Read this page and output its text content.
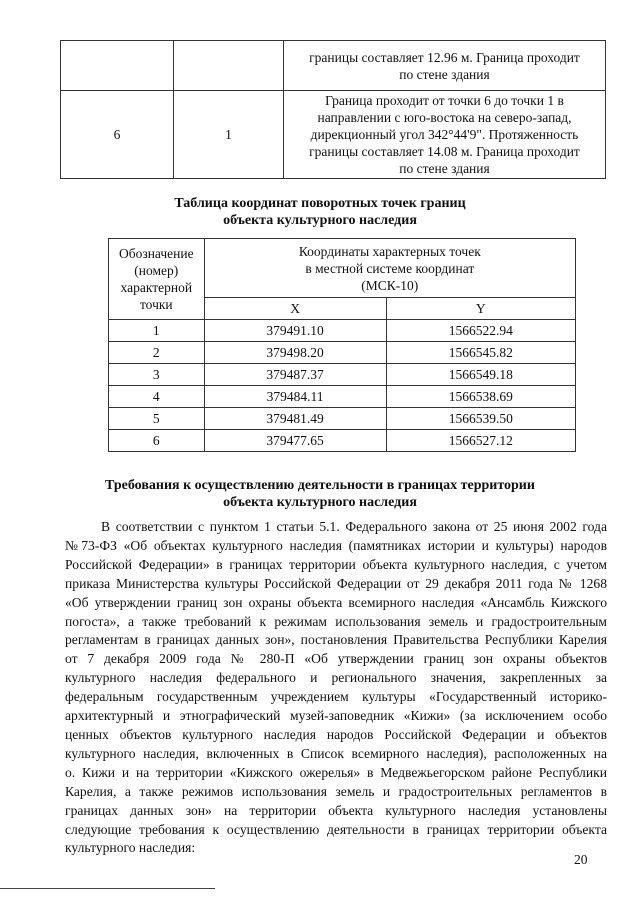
		границы составляет 12.96 м. Граница проходит по стене здания
6	1	Граница проходит от точки 6 до точки 1 в направлении с юго-востока на северо-запад, дирекционный угол 342°44'9". Протяженность границы составляет 14.08 м. Граница проходит по стене здания
Таблица координат поворотных точек границ
объекта культурного наследия
Обозначение (номер) характерной точки	Координаты характерных точек в местной системе координат (МСК-10)	
	X	Y
1	379491.10	1566522.94
2	379498.20	1566545.82
3	379487.37	1566549.18
4	379484.11	1566538.69
5	379481.49	1566539.50
6	379477.65	1566527.12
Требования к осуществлению деятельности в границах территории
объекта культурного наследия
В соответствии с пунктом 1 статьи 5.1. Федерального закона от 25 июня 2002 года
№73-ФЗ «Об объектах культурного наследия (памятниках истории и культуры) народов
Российской Федерации» в границах территории объекта культурного наследия, с учетом
приказа Министерства культуры Российской Федерации от 29 декабря 2011 года № 1268
«Об утверждении границ зон охраны объекта всемирного наследия «Ансамбль Кижского
погоста», а также требований к режимам использования земель и градостроительным
регламентам в границах данных зон», постановления Правительства Республики Карелия
от 7 декабря 2009 года № 280-П «Об утверждении границ зон охраны объектов
культурного наследия федерального и регионального значения, закрепленных за
федеральным государственным учреждением культуры «Государственный историко-
архитектурный и этнографический музей-заповедник «Кижи» (за исключением особо
ценных объектов культурного наследия народов Российской Федерации и объектов
культурного наследия, включенных в Список всемирного наследия), расположенных на
о. Кижи и на территории «Кижского ожерелья» в Медвежьегорском районе Республики
Карелия, а также режимов использования земель и градостроительных регламентов в
границах данных зон» на территории объекта культурного наследия установлены
следующие требования к осуществлению деятельности в границах территории объекта
культурного наследия:
20
